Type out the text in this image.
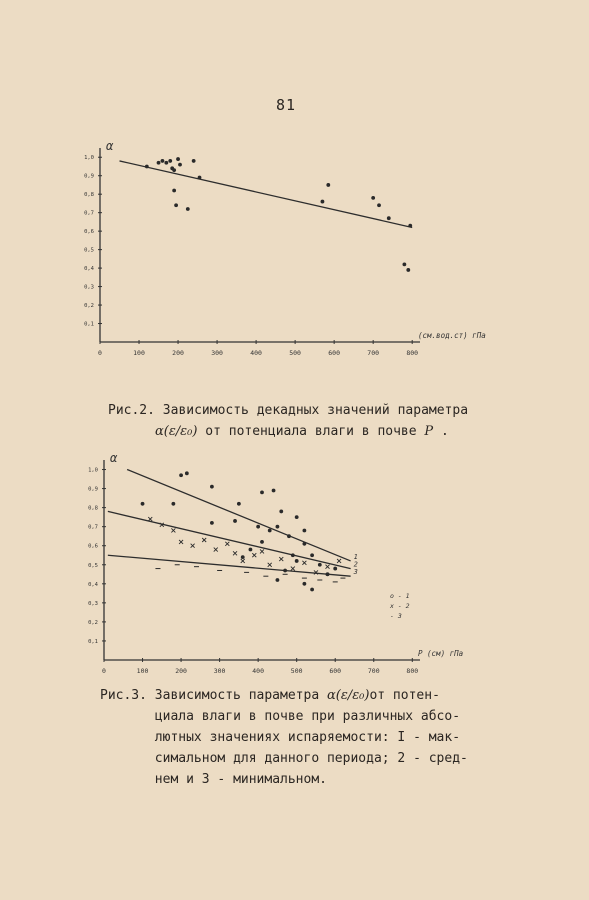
81
0	100	200	300	400	500	600	700	800
0,1
0,2
0,3
0,4
0,5
0,6
0,7
0,8
0,9
1,0
α
(см.вод.ст) гПа
0	100	200	300	400	500	600	700	800
0,1
0,2
0,3
0,4
0,5
0,6
0,7
0,8
0,9
1,0
α
P (см) гПа
1
2
3
o - 1
x - 2
- 3
Рис.2. Зависимость декадных значений параметра
α(ε/ε₀) от потенциала влаги в почве P .
Рис.3. Зависимость параметра α(ε/ε₀)от потен-
циала влаги в почве при различных абсо-
лютных значениях испаряемости: I - мак-
симальном для данного периода; 2 - сред-
нем и 3 - минимальном.
